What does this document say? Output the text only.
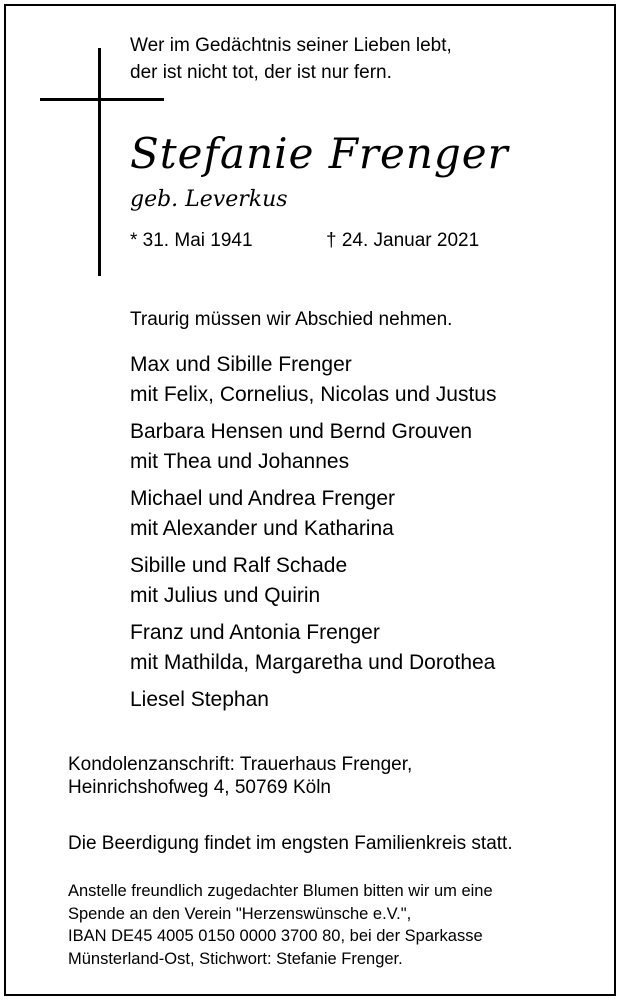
Wer im Gedächtnis seiner Lieben lebt,
der ist nicht tot, der ist nur fern.
Stefanie Frenger
geb. Leverkus
* 31. Mai 1941	† 24. Januar 2021
Traurig müssen wir Abschied nehmen.
Max und Sibille Frenger
mit Felix, Cornelius, Nicolas und Justus
Barbara Hensen und Bernd Grouven
mit Thea und Johannes
Michael und Andrea Frenger
mit Alexander und Katharina
Sibille und Ralf Schade
mit Julius und Quirin
Franz und Antonia Frenger
mit Mathilda, Margaretha und Dorothea
Liesel Stephan
Kondolenzanschrift: Trauerhaus Frenger,
Heinrichshofweg 4, 50769 Köln
Die Beerdigung findet im engsten Familienkreis statt.
Anstelle freundlich zugedachter Blumen bitten wir um eine
Spende an den Verein "Herzenswünsche e.V.",
IBAN DE45 4005 0150 0000 3700 80, bei der Sparkasse
Münsterland-Ost, Stichwort: Stefanie Frenger.
